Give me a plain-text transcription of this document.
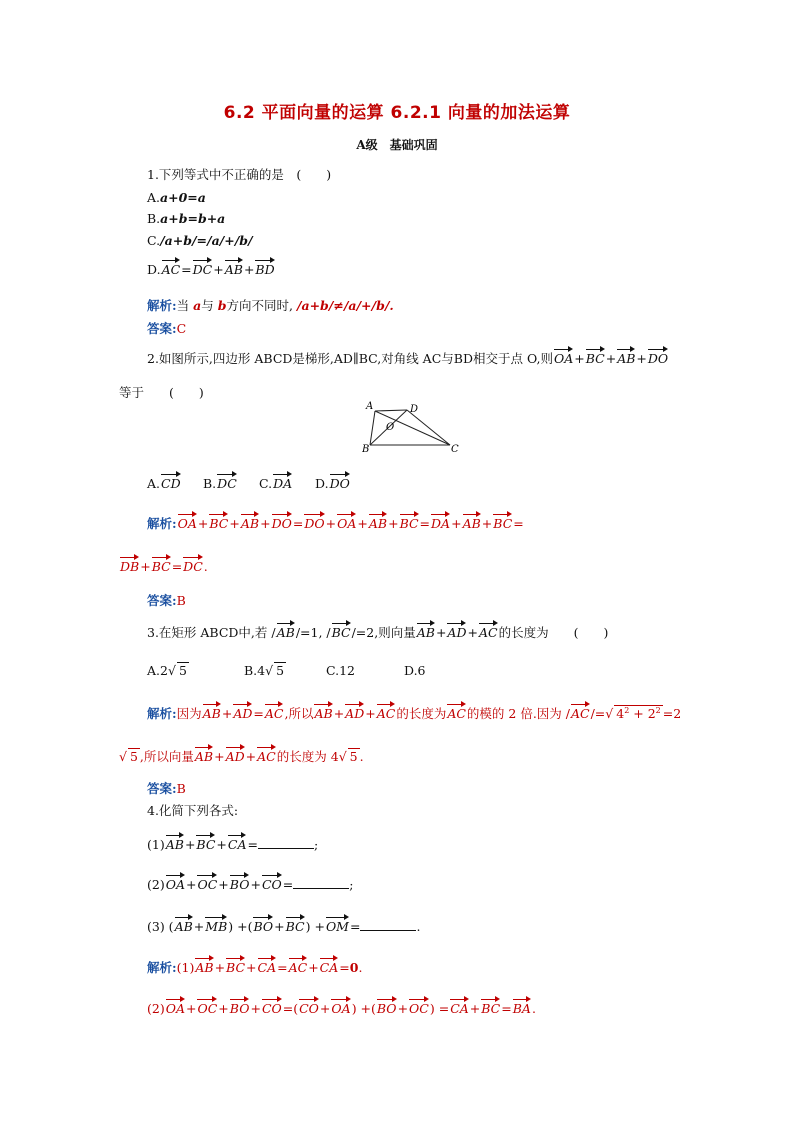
6.2 平面向量的运算 6.2.1 向量的加法运算
A级　基础巩固
1.下列等式中不正确的是　(　　)
A.a+0=a
B.a+b=b+a
C./a+b/=/a/+/b/
D.AC=DC+AB+BD
解析:当 a与 b方向不同时, /a+b/≠/a/+/b/.
答案:C
2.如图所示,四边形 ABCD是梯形,AD∥BC,对角线 AC与BD相交于点 O,则OA+BC+AB+DO
等于　　(　　)
A	D
O
B	C
A.CD B.DC C.DA D.DO
解析:OA+BC+AB+DO=DO+OA+AB+BC=DA+AB+BC=
DB+BC=DC.
答案:B
3.在矩形 ABCD中,若 /AB/=1, /BC/=2,则向量AB+AD+AC的长度为　　(　　)
A.2√ 5	B.4√ 5	C.12	D.6
解析:因为AB+AD=AC,所以AB+AD+AC的长度为AC的模的 2 倍.因为 /AC/=√ $4^2 + 2^2 =2$
√ 5 ,所以向量AB+AD+AC的长度为 4√ 5 .
答案:B
4.化简下列各式:
(1)AB+BC+CA=	;
(2)OA+OC+BO+CO=	;
(3) (AB+MB) +(BO+BC) +OM=	.
解析:(1)AB+BC+CA=AC+CA=0.
(2)OA+OC+BO+CO=(CO+OA) +(BO+OC) =CA+BC=BA.
